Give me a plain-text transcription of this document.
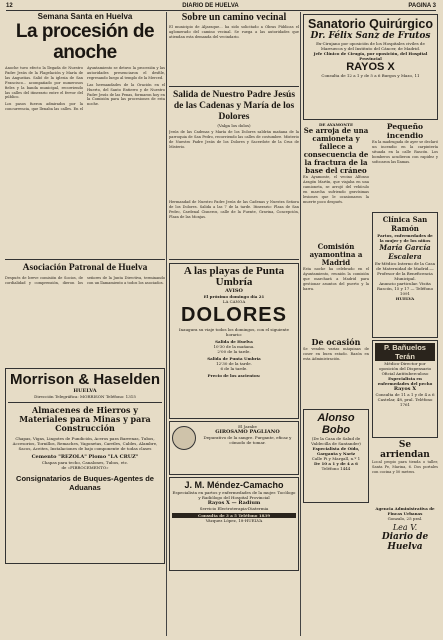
12	DIARIO DE HUELVA	PAGINA 3
Semana Santa en Huelva
La procesión de anoche

Anoche tuvo efecto la llegada de Nuestro Padre Jesús de la Flagelación y María de las Angustias. Salió de la iglesia de San Francisco... acompañado por numerosos fieles y la banda municipal, recorriendo las calles del itinerario entre el fervor del público.

Los pasos fueron admirados por la concurrencia, que llenaba las calles. En el Ayuntamiento se detuvo la procesión y las autoridades presenciaron el desfile, regresando luego al templo de la Merced.

Las hermandades de la Oración en el Huerto, del Santo Entierro y de Nuestro Padre Jesús de las Penas, formaron hoy en la Comisión para las procesiones de esta noche.

Asociación Patronal de Huelva
Después de breve comisión de Socios, de cordialidad y comprensión, dieron los señores de la Junta Directiva, terminando con un llamamiento a todos los asociados.
Morrison & Haselden
HUELVA
Dirección Telegráfica: MORRISON Teléfono: 1315
Almacenes de Hierros y Materiales para Minas y para Construcción
Chapas, Vigas, Lingotes de Fundición, Aceros para Barrenas, Tubos, Accesorios, Tornillos, Remaches, Vagonetas, Carriles, Cables, Alambre, Sacos, Aceites, Instalaciones de bajo componente de todas clases
Cemento "REZOLA" Plomo "LA CRUZ"
Chapas para techo, Canalones, Tubos, etc.
de «FIBROCEMENTO»
Consignatarios de Buques-Agentes de Aduanas
Sobre un camino vecinal
El municipio de Aljaraque... ha sido solicitado a Obras Públicas el aglomerado del camino vecinal. Se ruega a las autoridades que atiendan esta demanda del vecindario.
Salida de Nuestro Padre Jesús de las Cadenas y María de los Dolores
(Valga los dolos)
Jesús de las Cadenas y María de los Dolores saldrán mañana de la parroquia de San Pedro, recorriendo las calles de costumbre. Misterio de Nuestro Padre Jesús de los Dolores y Sacerdote de la Cruz de Misterio.
Hermandad de Nuestro Padre Jesús de las Cadenas y Nuestra Señora de los Dolores. Salida a las 7 de la tarde. Itinerario: Plaza de San Pedro, Cardenal Cisneros, calle de la Fuente, Gravina, Concepción, Plaza de las Monjas.
A las playas de Punta Umbría
AVISO
El próximo domingo día 21
LA CANOA
DOLORES
Inaugura su viaje todos los domingos, con el siguiente horario:
Salida de Huelva
10'30 de la mañana.
2'00 de la tarde.
Salida de Punta Umbría
12'30 de la tarde.
6 de la tarde.
Precio de los ascientos:
El Jarabe
GIROSAMO PAGLIANO
Depurativo de la sangre. Purgante, eficaz y cómodo de tomar.
J. M. Méndez-Camacho
Especialista en partos y enfermedades de la mujer. Tocólogo y Radiólogo del Hospital Provincial
Rayos X — Radium
Servicio Electroterapia-Diatermia
Consulta de 3 a 5 Teléfono 1839
Vázquez López, 18-HUELVA
Sanatorio Quirúrgico
Dr. Félix Sanz de Frutos
Ex-Cirujano por oposición de los Hospitales civiles de Marruecos y del Instituto del Cáncer, de Madrid.
Jefe Clínico de Cirugía, por oposición, del Hospital Provincial
RAYOS X
Consulta de 12 a 1 y de 5 a 6 Burgos y Mazo, 11
DE AYAMONTE
Se arroja de una camioneta y fallece a consecuencia de la fractura de la base del cráneo
En Ayamonte, el vecino Alfonso Aragón Martín, que viajaba en una camioneta, se arrojó del vehículo en marcha sufriendo gravísimas lesiones que le ocasionaron la muerte poco después.
Comisión ayamontina a Madrid
Esta noche ha celebrado en el Ayuntamiento, reunión la comisión que marchará a Madrid para gestionar asuntos del puerto y la barra.
De ocasión
Se venden varias máquinas de coser en buen estado. Razón en esta Administración.
Alonso Bobo
(De la Casa de Salud de Valdecilla de Santander)
Especialista de Oído, Garganta y Nariz
Calle Pi y Margall, n.º 1
De 10 a 1 y de 4 a 6
Teléfono 1444
Pequeño incendio
En la madrugada de ayer se declaró un incendio en la carpintería situada en la calle Rascón. Los bomberos acudieron con rapidez y sofocaron las llamas.
Clínica San Ramón
Partos, enfermedades de la mujer y de los niños
María García Escalera
Ex-Médico Interno de la Casa de Maternidad de Madrid.—Profesor de la Beneficencia Municipal.
Anuncio particular. Visita
Rascón, 15 y 17 — Teléfono 1091
HUELVA
P. Bañuelos Terán
Médico-Director por oposición del Dispensario Oficial Antituberculoso
Especialista en enfermedades del pecho
Rayos X
Consulta de 11 a 1 y de 4 a 6
Castelar, 48, pral. Teléfono 1761
Se
arriendan
Local propio para tienda o taller, Santa Fe, Marina, 6. Dos portales con cocina y 50 metros.
Agencia Administrativa de Fincas Urbanas
Gonzalo, 25 pral.
Lea V.
Diario de Huelva
